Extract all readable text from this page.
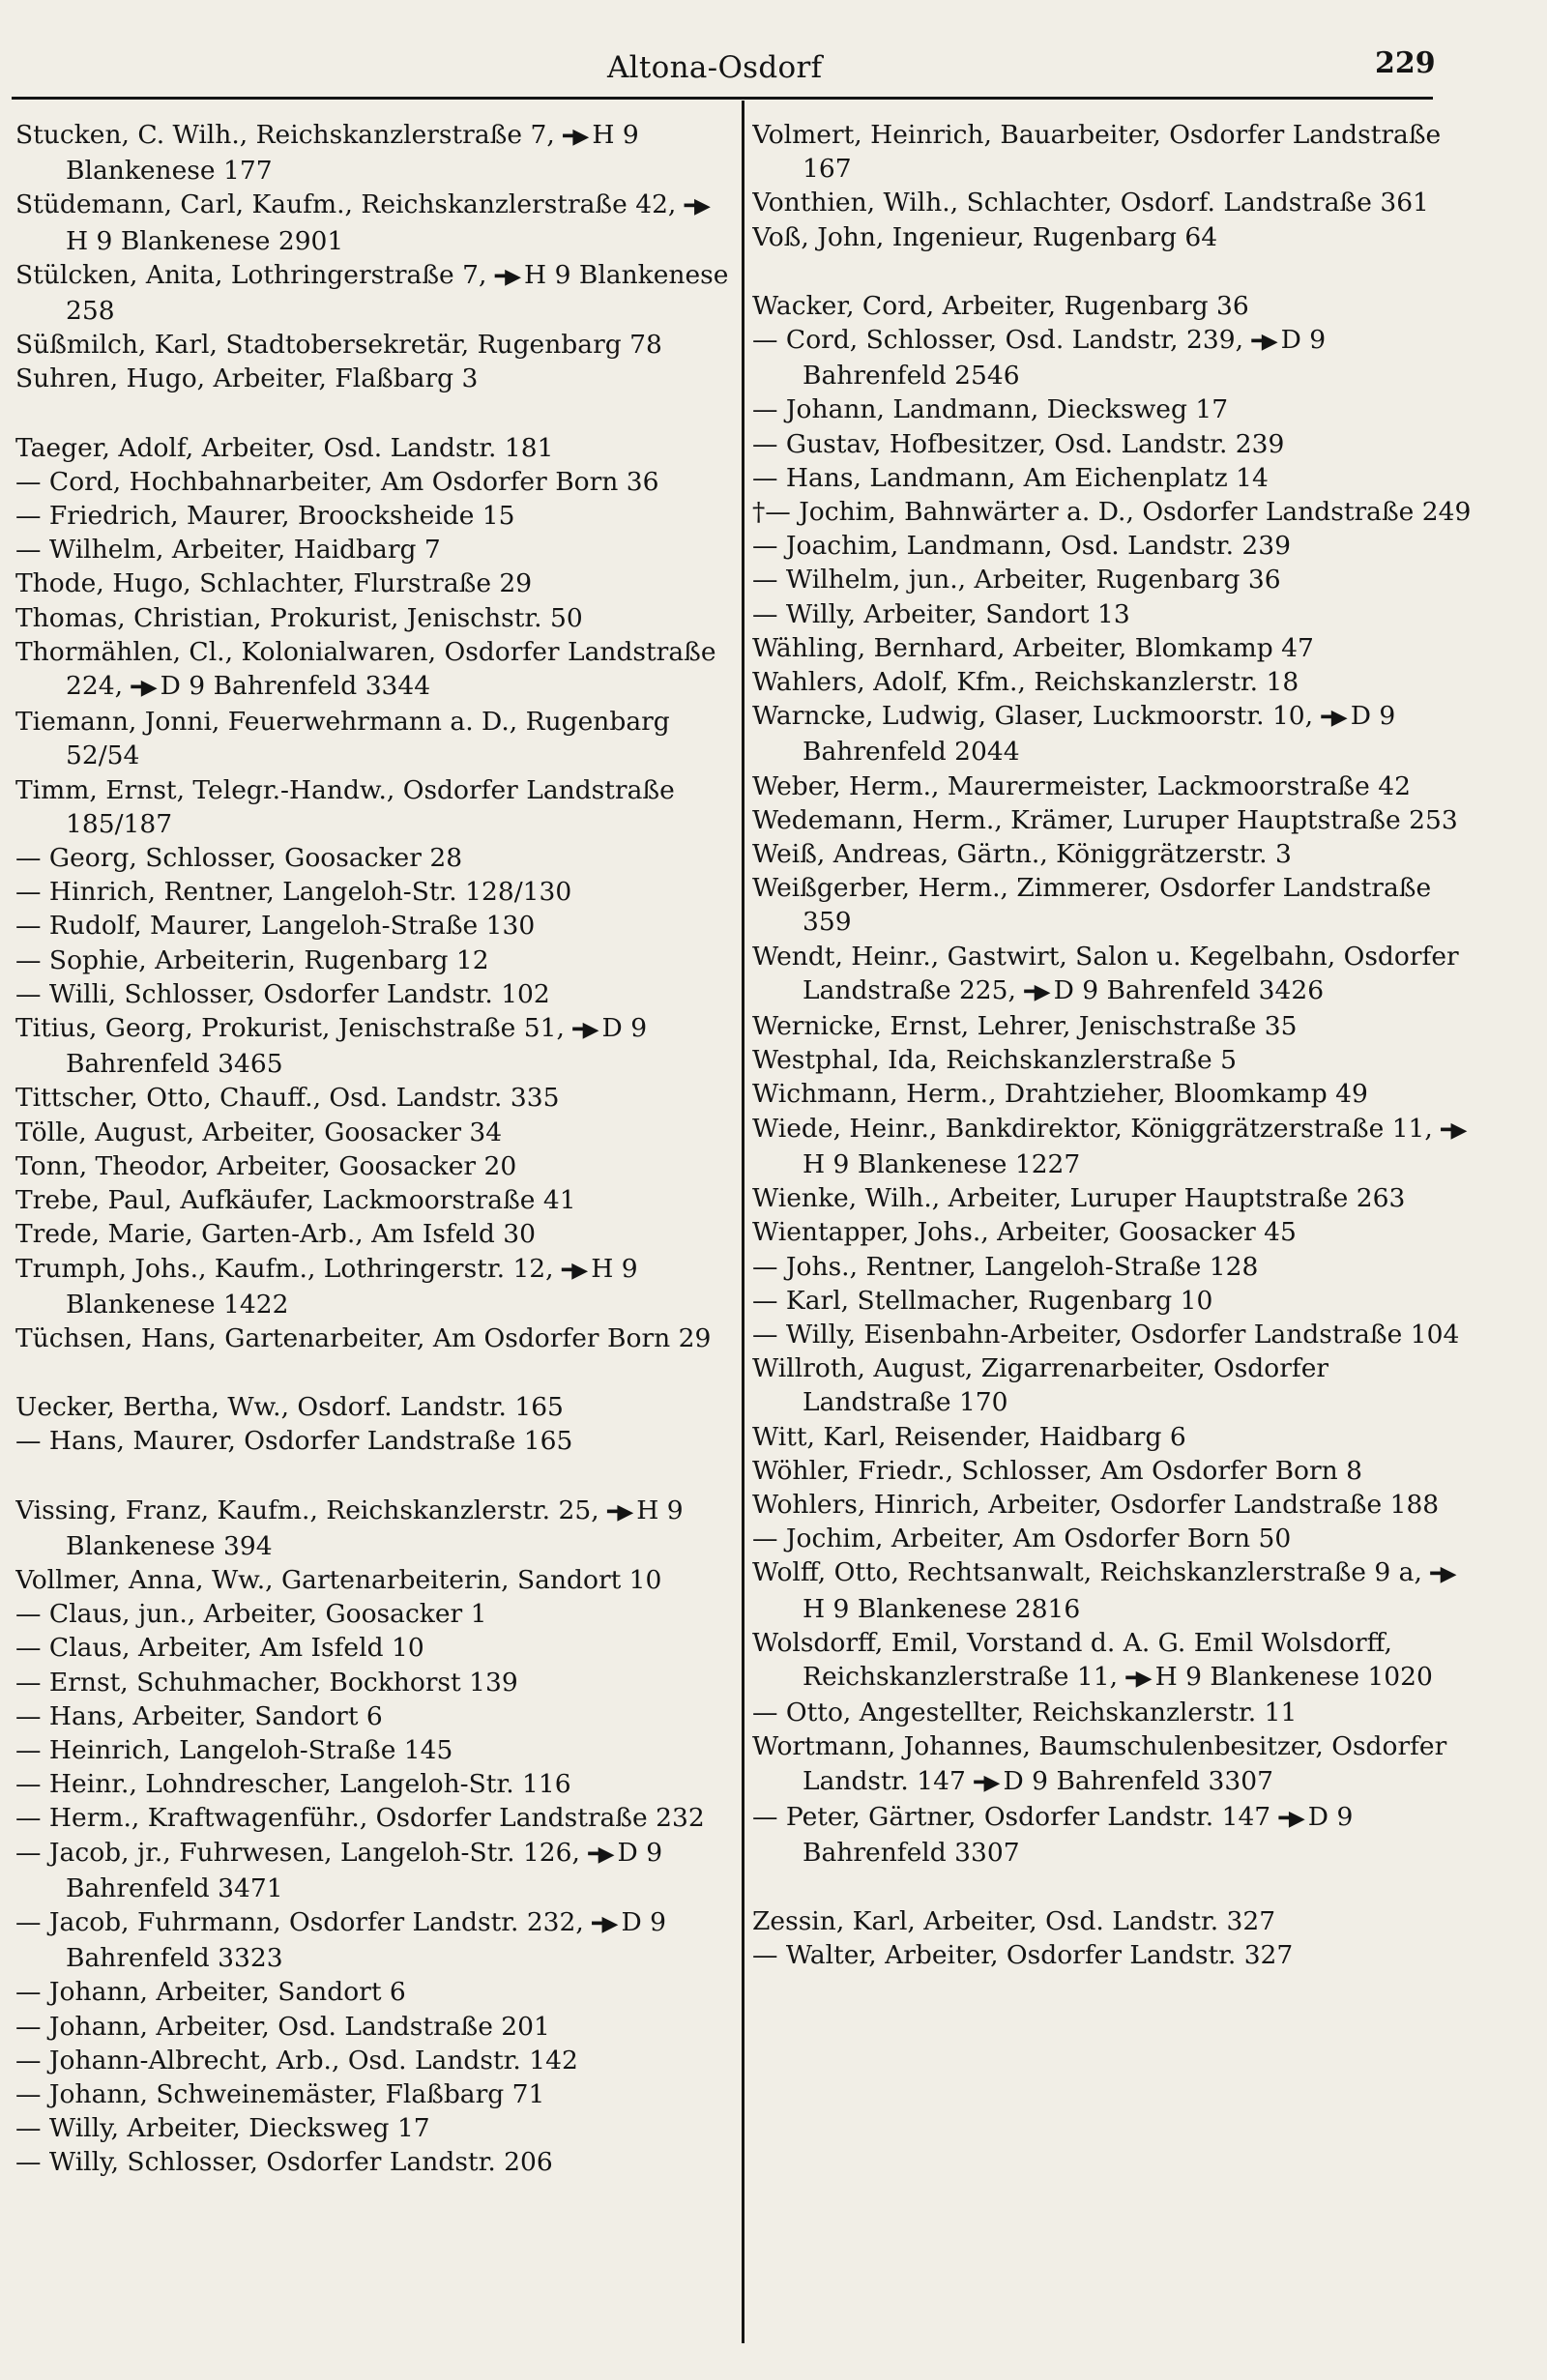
Altona-Osdorf	229
Stucken, C. Wilh., Reichskanzlerstraße 7, ━▶ H 9 Blankenese 177
Stüdemann, Carl, Kaufm., Reichskanzlerstraße 42, ━▶H 9 Blankenese 2901
Stülcken, Anita, Lothringerstraße 7, ━▶ H 9 Blankenese 258
Süßmilch, Karl, Stadtobersekretär, Rugenbarg 78
Suhren, Hugo, Arbeiter, Flaßbarg 3
Taeger, Adolf, Arbeiter, Osd. Landstr. 181
— Cord, Hochbahnarbeiter, Am Osdorfer Born 36
— Friedrich, Maurer, Broocksheide 15
— Wilhelm, Arbeiter, Haidbarg 7
Thode, Hugo, Schlachter, Flurstraße 29
Thomas, Christian, Prokurist, Jenischstr. 50
Thormählen, Cl., Kolonialwaren, Osdorfer Landstraße 224, ━▶ D 9 Bahrenfeld 3344
Tiemann, Jonni, Feuerwehrmann a. D., Rugenbarg 52/54
Timm, Ernst, Telegr.-Handw., Osdorfer Landstraße 185/187
— Georg, Schlosser, Goosacker 28
— Hinrich, Rentner, Langeloh-Str. 128/130
— Rudolf, Maurer, Langeloh-Straße 130
— Sophie, Arbeiterin, Rugenbarg 12
— Willi, Schlosser, Osdorfer Landstr. 102
Titius, Georg, Prokurist, Jenischstraße 51, ━▶ D 9 Bahrenfeld 3465
Tittscher, Otto, Chauff., Osd. Landstr. 335
Tölle, August, Arbeiter, Goosacker 34
Tonn, Theodor, Arbeiter, Goosacker 20
Trebe, Paul, Aufkäufer, Lackmoorstraße 41
Trede, Marie, Garten-Arb., Am Isfeld 30
Trumph, Johs., Kaufm., Lothringerstr. 12, ━▶ H 9 Blankenese 1422
Tüchsen, Hans, Gartenarbeiter, Am Osdorfer Born 29
Uecker, Bertha, Ww., Osdorf. Landstr. 165
— Hans, Maurer, Osdorfer Landstraße 165
Vissing, Franz, Kaufm., Reichskanzlerstr. 25, ━▶ H 9 Blankenese 394
Vollmer, Anna, Ww., Gartenarbeiterin, Sandort 10
— Claus, jun., Arbeiter, Goosacker 1
— Claus, Arbeiter, Am Isfeld 10
— Ernst, Schuhmacher, Bockhorst 139
— Hans, Arbeiter, Sandort 6
— Heinrich, Langeloh-Straße 145
— Heinr., Lohndrescher, Langeloh-Str. 116
— Herm., Kraftwagenführ., Osdorfer Landstraße 232
— Jacob, jr., Fuhrwesen, Langeloh-Str. 126, ━▶ D 9 Bahrenfeld 3471
— Jacob, Fuhrmann, Osdorfer Landstr. 232, ━▶ D 9 Bahrenfeld 3323
— Johann, Arbeiter, Sandort 6
— Johann, Arbeiter, Osd. Landstraße 201
— Johann-Albrecht, Arb., Osd. Landstr. 142
— Johann, Schweinemäster, Flaßbarg 71
— Willy, Arbeiter, Diecksweg 17
— Willy, Schlosser, Osdorfer Landstr. 206
Volmert, Heinrich, Bauarbeiter, Osdorfer Landstraße 167
Vonthien, Wilh., Schlachter, Osdorf. Landstraße 361
Voß, John, Ingenieur, Rugenbarg 64
Wacker, Cord, Arbeiter, Rugenbarg 36
— Cord, Schlosser, Osd. Landstr, 239, ━▶ D 9 Bahrenfeld 2546
— Johann, Landmann, Diecksweg 17
— Gustav, Hofbesitzer, Osd. Landstr. 239
— Hans, Landmann, Am Eichenplatz 14
†— Jochim, Bahnwärter a. D., Osdorfer Landstraße 249
— Joachim, Landmann, Osd. Landstr. 239
— Wilhelm, jun., Arbeiter, Rugenbarg 36
— Willy, Arbeiter, Sandort 13
Wähling, Bernhard, Arbeiter, Blomkamp 47
Wahlers, Adolf, Kfm., Reichskanzlerstr. 18
Warncke, Ludwig, Glaser, Luckmoorstr. 10, ━▶ D 9 Bahrenfeld 2044
Weber, Herm., Maurermeister, Lackmoorstraße 42
Wedemann, Herm., Krämer, Luruper Hauptstraße 253
Weiß, Andreas, Gärtn., Königgrätzerstr. 3
Weißgerber, Herm., Zimmerer, Osdorfer Landstraße 359
Wendt, Heinr., Gastwirt, Salon u. Kegelbahn, Osdorfer Landstraße 225, ━▶ D 9 Bahrenfeld 3426
Wernicke, Ernst, Lehrer, Jenischstraße 35
Westphal, Ida, Reichskanzlerstraße 5
Wichmann, Herm., Drahtzieher, Bloomkamp 49
Wiede, Heinr., Bankdirektor, Königgrätzerstraße 11, ━▶H 9 Blankenese 1227
Wienke, Wilh., Arbeiter, Luruper Hauptstraße 263
Wientapper, Johs., Arbeiter, Goosacker 45
— Johs., Rentner, Langeloh-Straße 128
— Karl, Stellmacher, Rugenbarg 10
— Willy, Eisenbahn-Arbeiter, Osdorfer Landstraße 104
Willroth, August, Zigarrenarbeiter, Osdorfer Landstraße 170
Witt, Karl, Reisender, Haidbarg 6
Wöhler, Friedr., Schlosser, Am Osdorfer Born 8
Wohlers, Hinrich, Arbeiter, Osdorfer Landstraße 188
— Jochim, Arbeiter, Am Osdorfer Born 50
Wolff, Otto, Rechtsanwalt, Reichskanzlerstraße 9 a, ━▶H 9 Blankenese 2816
Wolsdorff, Emil, Vorstand d. A. G. Emil Wolsdorff, Reichskanzlerstraße 11, ━▶ H 9 Blankenese 1020
— Otto, Angestellter, Reichskanzlerstr. 11
Wortmann, Johannes, Baumschulenbesitzer, Osdorfer Landstr. 147 ━▶ D 9 Bahrenfeld 3307
— Peter, Gärtner, Osdorfer Landstr. 147 ━▶ D 9 Bahrenfeld 3307
Zessin, Karl, Arbeiter, Osd. Landstr. 327
— Walter, Arbeiter, Osdorfer Landstr. 327
